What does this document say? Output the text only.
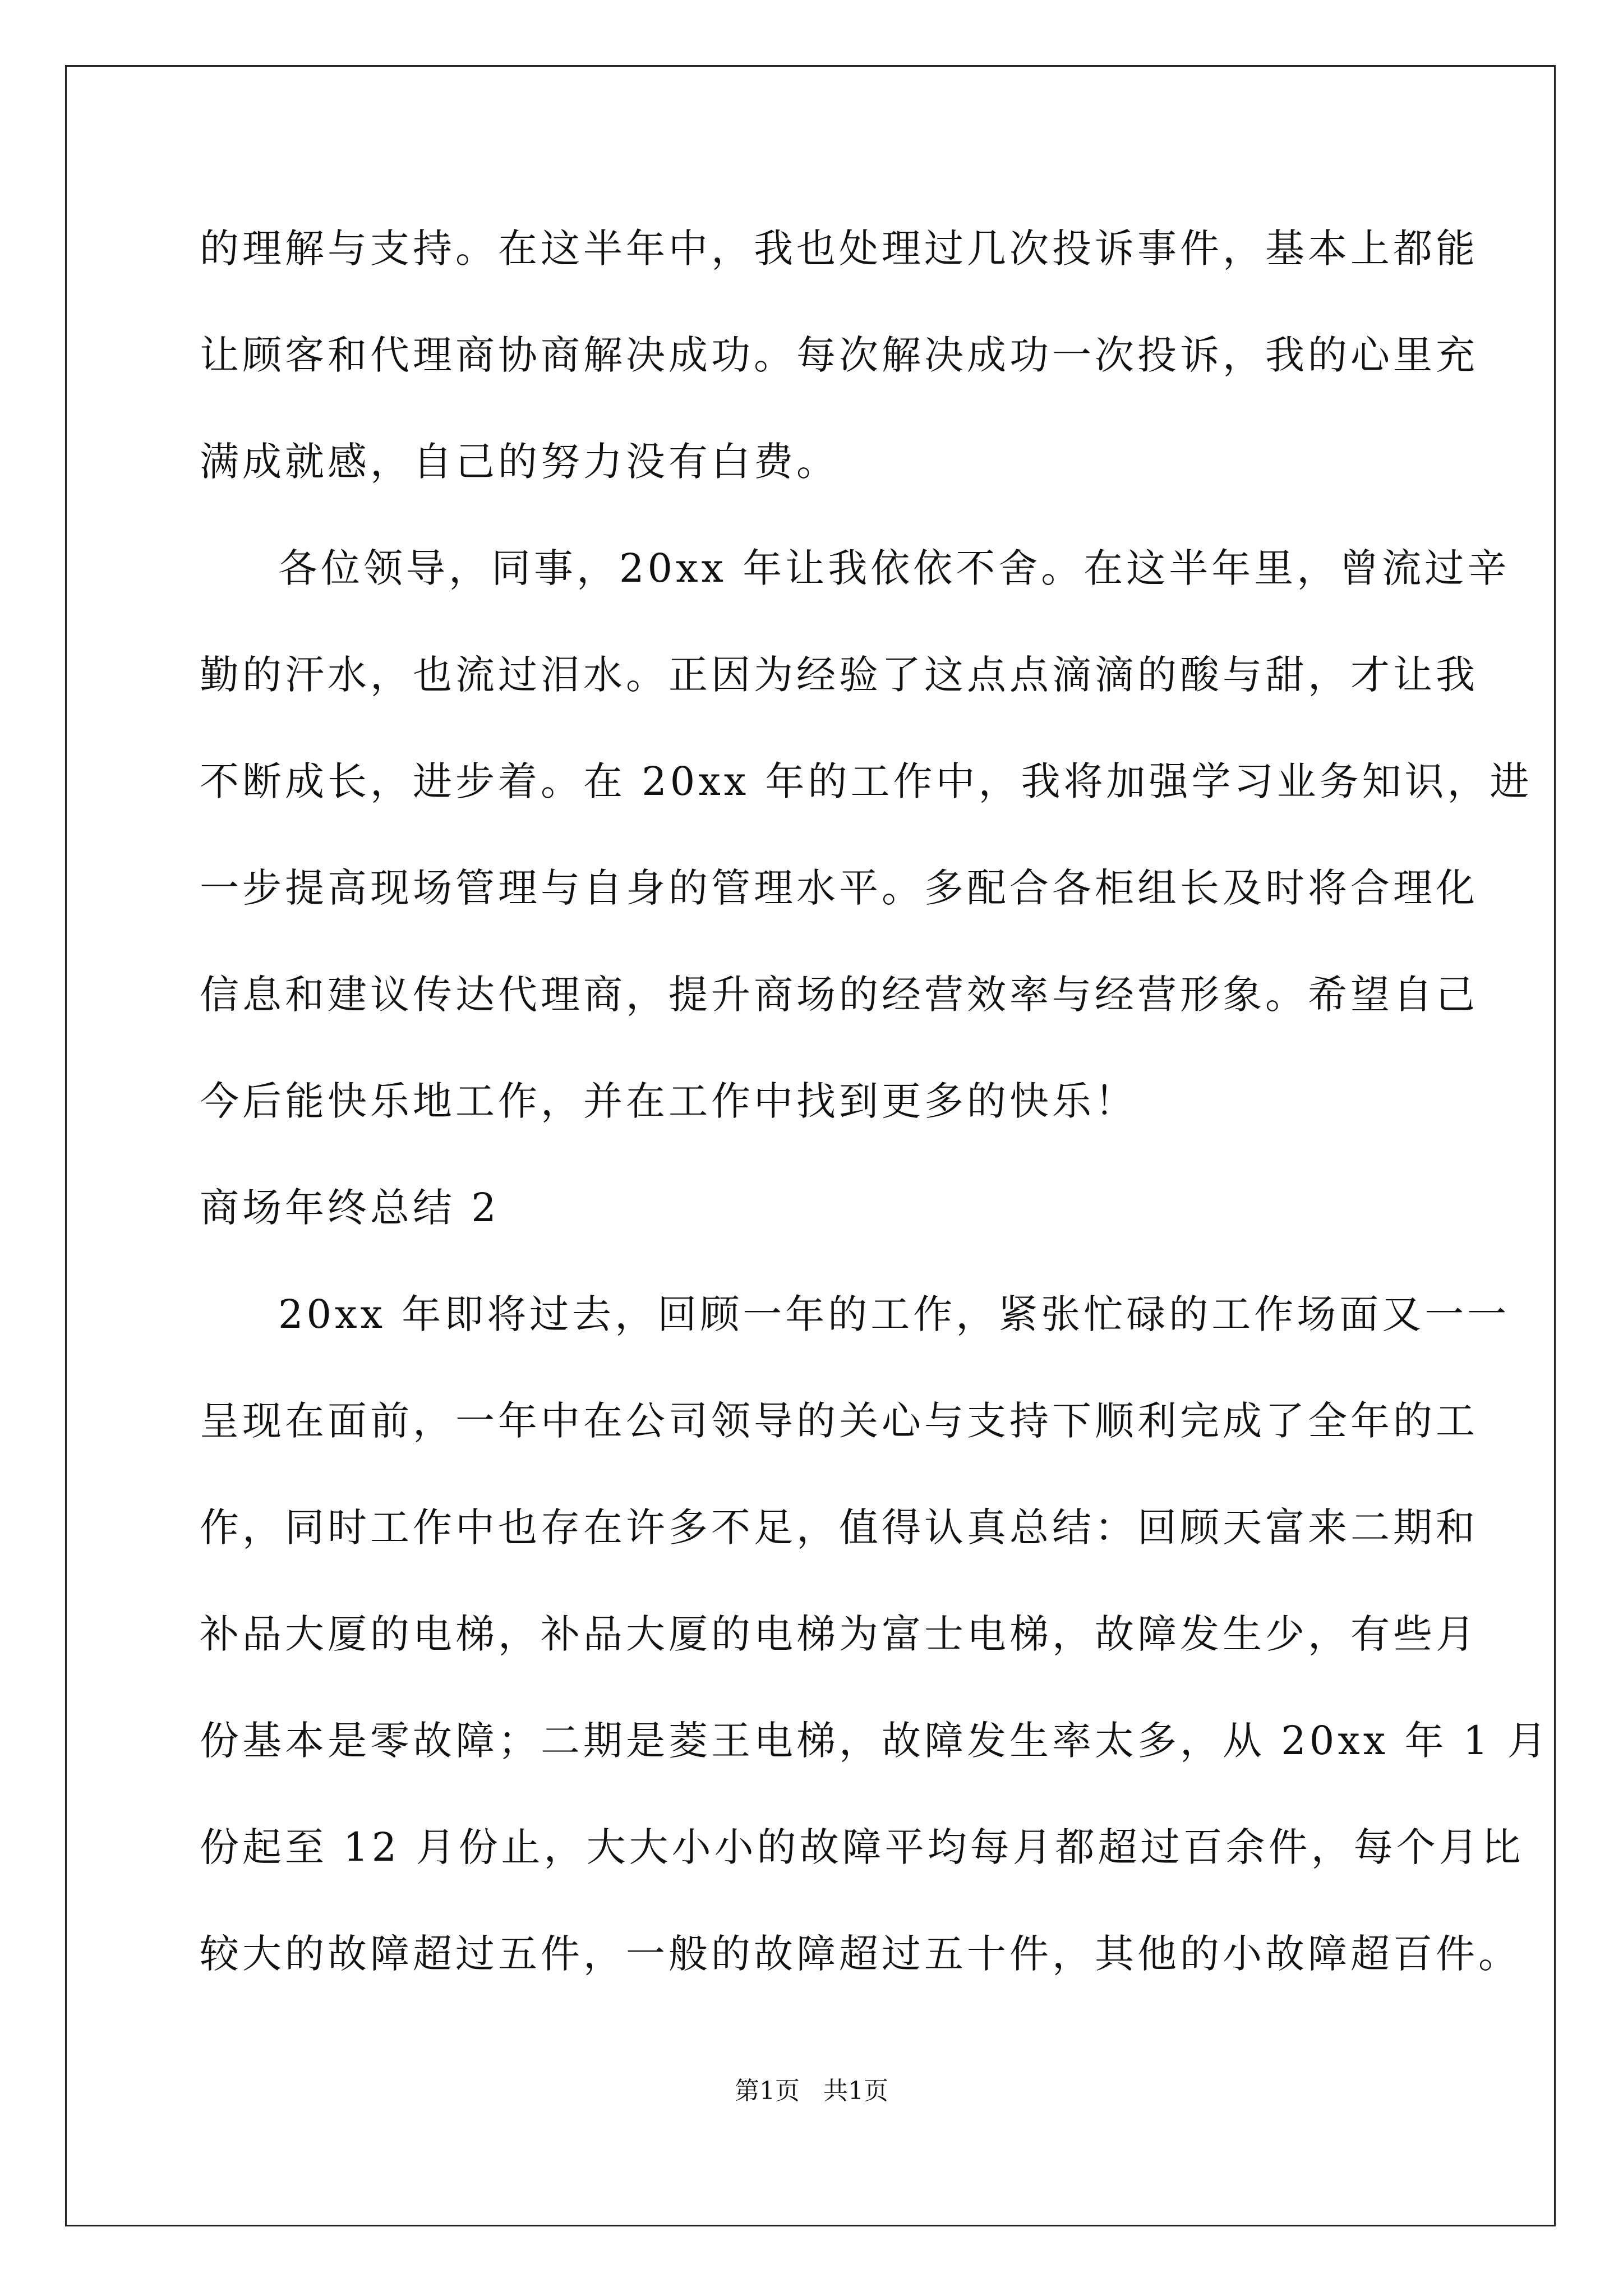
的理解与支持。在这半年中，我也处理过几次投诉事件，基本上都能
让顾客和代理商协商解决成功。每次解决成功一次投诉，我的心里充
满成就感，自己的努力没有白费。
各位领导，同事，20xx 年让我依依不舍。在这半年里，曾流过辛
勤的汗水，也流过泪水。正因为经验了这点点滴滴的酸与甜，才让我
不断成长，进步着。在 20xx 年的工作中，我将加强学习业务知识，进
一步提高现场管理与自身的管理水平。多配合各柜组长及时将合理化
信息和建议传达代理商，提升商场的经营效率与经营形象。希望自己
今后能快乐地工作，并在工作中找到更多的快乐！
商场年终总结 2
20xx 年即将过去，回顾一年的工作，紧张忙碌的工作场面又一一
呈现在面前，一年中在公司领导的关心与支持下顺利完成了全年的工
作，同时工作中也存在许多不足，值得认真总结：回顾天富来二期和
补品大厦的电梯，补品大厦的电梯为富士电梯，故障发生少，有些月
份基本是零故障；二期是菱王电梯，故障发生率太多，从 20xx 年 1 月
份起至 12 月份止，大大小小的故障平均每月都超过百余件，每个月比
较大的故障超过五件，一般的故障超过五十件，其他的小故障超百件。
第1页   共1页
